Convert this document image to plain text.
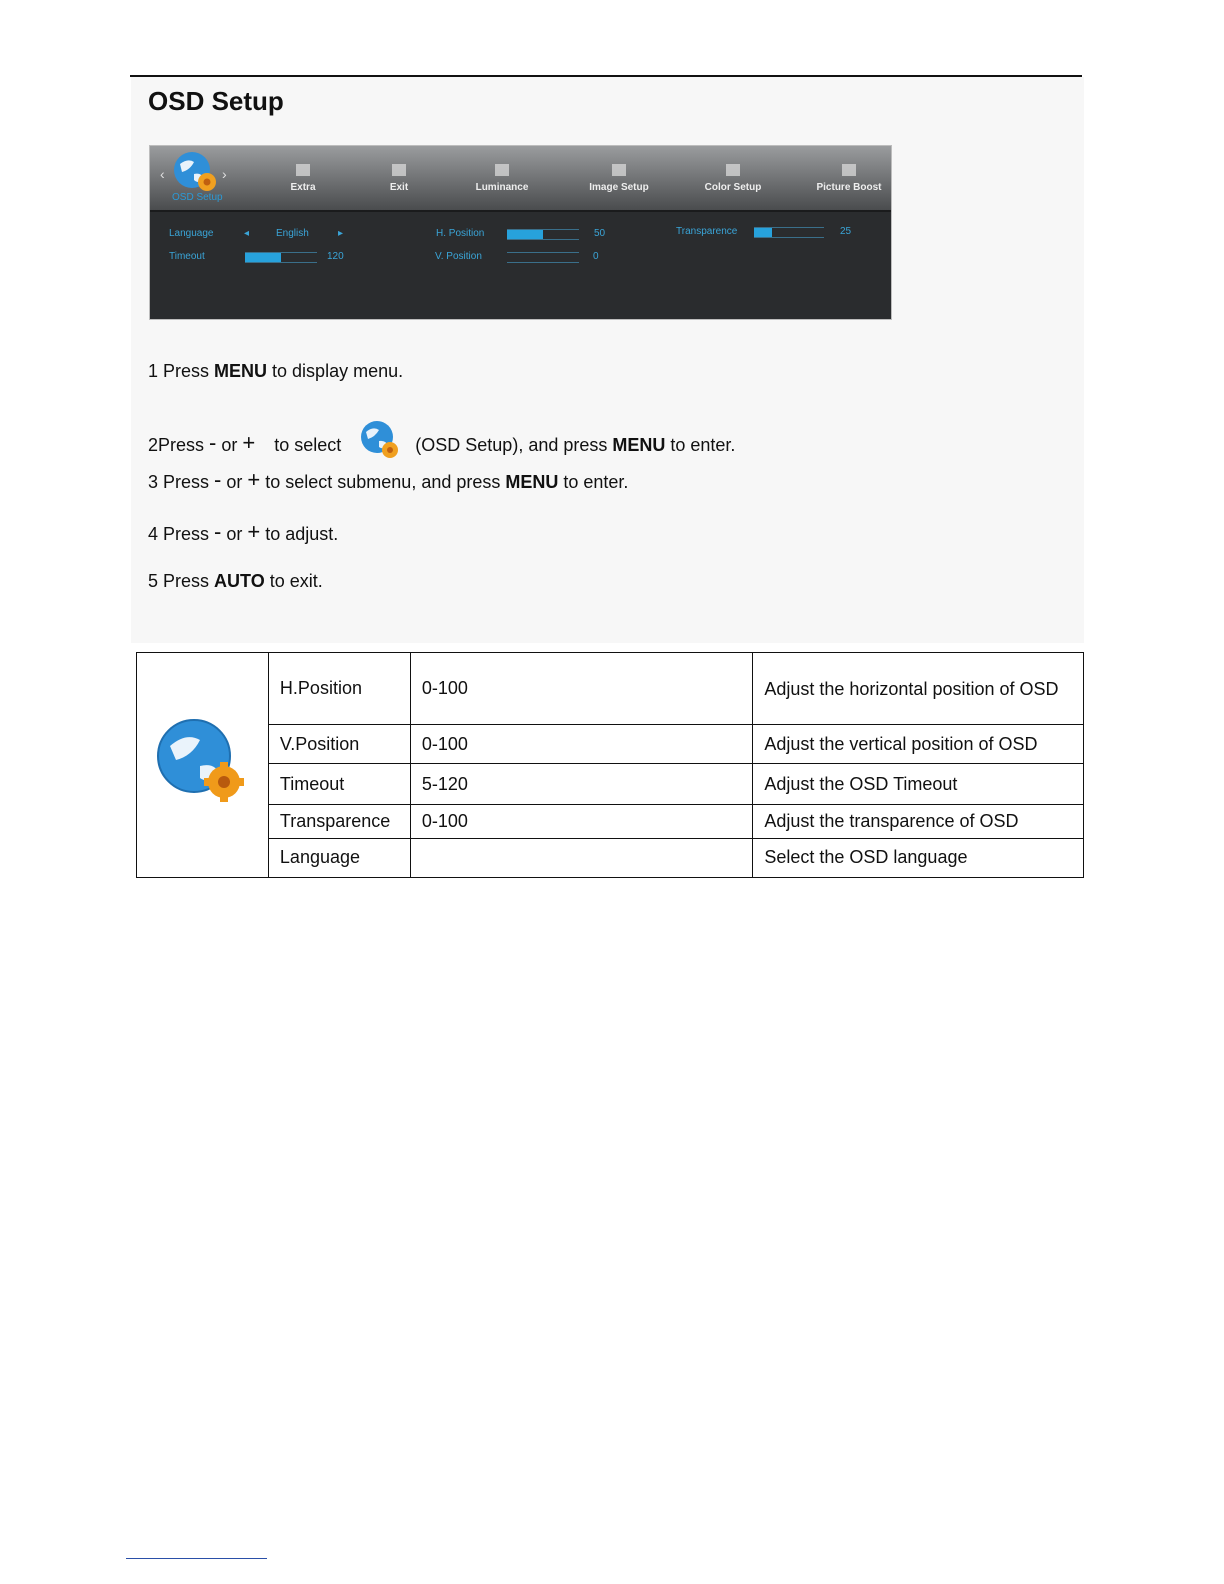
OSD Setup
‹	›
OSD Setup
Extra	Exit	Luminance	Image Setup	Color Setup	Picture Boost
Language	◂	English	▸
Timeout	120
H. Position	50
V. Position	0
Transparence	25
1 Press MENU to display menu.
2Press - or + to select	(OSD Setup), and press MENU to enter.
3 Press - or + to select submenu, and press MENU to enter.
4 Press - or + to adjust.
5 Press AUTO to exit.
	H.Position	0-100	Adjust the horizontal position of OSD
	V.Position	0-100	Adjust the vertical position of OSD
	Timeout	5-120	Adjust the OSD Timeout
	Transparence	0-100	Adjust the transparence of OSD
	Language		Select the OSD language
